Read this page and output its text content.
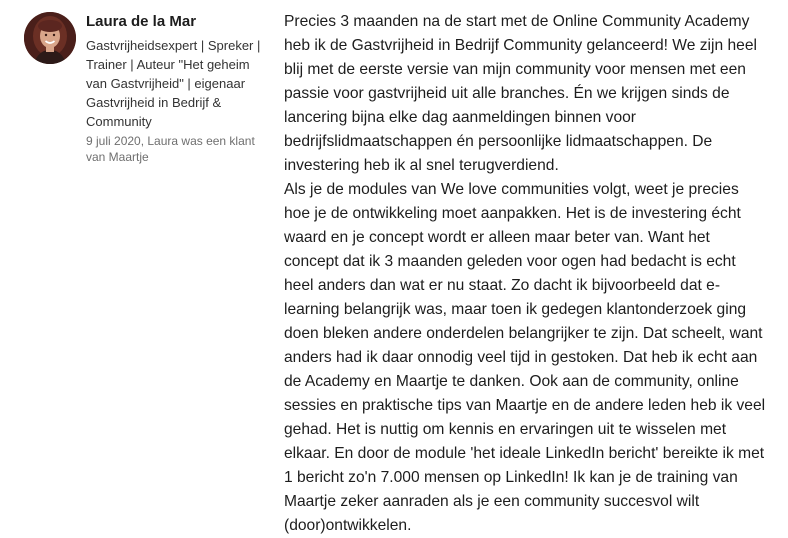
Laura de la Mar

Gastvrijheidsexpert | Spreker | Trainer | Auteur "Het geheim van Gastvrijheid" | eigenaar Gastvrijheid in Bedrijf & Community

9 juli 2020, Laura was een klant van Maartje

Precies 3 maanden na de start met de Online Community Academy heb ik de Gastvrijheid in Bedrijf Community gelanceerd! We zijn heel blij met de eerste versie van mijn community voor mensen met een passie voor gastvrijheid uit alle branches. Én we krijgen sinds de lancering bijna elke dag aanmeldingen binnen voor bedrijfslidmaatschappen én persoonlijke lidmaatschappen. De investering heb ik al snel terugverdiend.

Als je de modules van We love communities volgt, weet je precies hoe je de ontwikkeling moet aanpakken. Het is de investering écht waard en je concept wordt er alleen maar beter van. Want het concept dat ik 3 maanden geleden voor ogen had bedacht is echt heel anders dan wat er nu staat. Zo dacht ik bijvoorbeeld dat e-learning belangrijk was, maar toen ik gedegen klantonderzoek ging doen bleken andere onderdelen belangrijker te zijn. Dat scheelt, want anders had ik daar onnodig veel tijd in gestoken. Dat heb ik echt aan de Academy en Maartje te danken. Ook aan de community, online sessies en praktische tips van Maartje en de andere leden heb ik veel gehad. Het is nuttig om kennis en ervaringen uit te wisselen met elkaar. En door de module 'het ideale LinkedIn bericht' bereikte ik met 1 bericht zo'n 7.000 mensen op LinkedIn! Ik kan je de training van Maartje zeker aanraden als je een community succesvol wilt (door)ontwikkelen.
